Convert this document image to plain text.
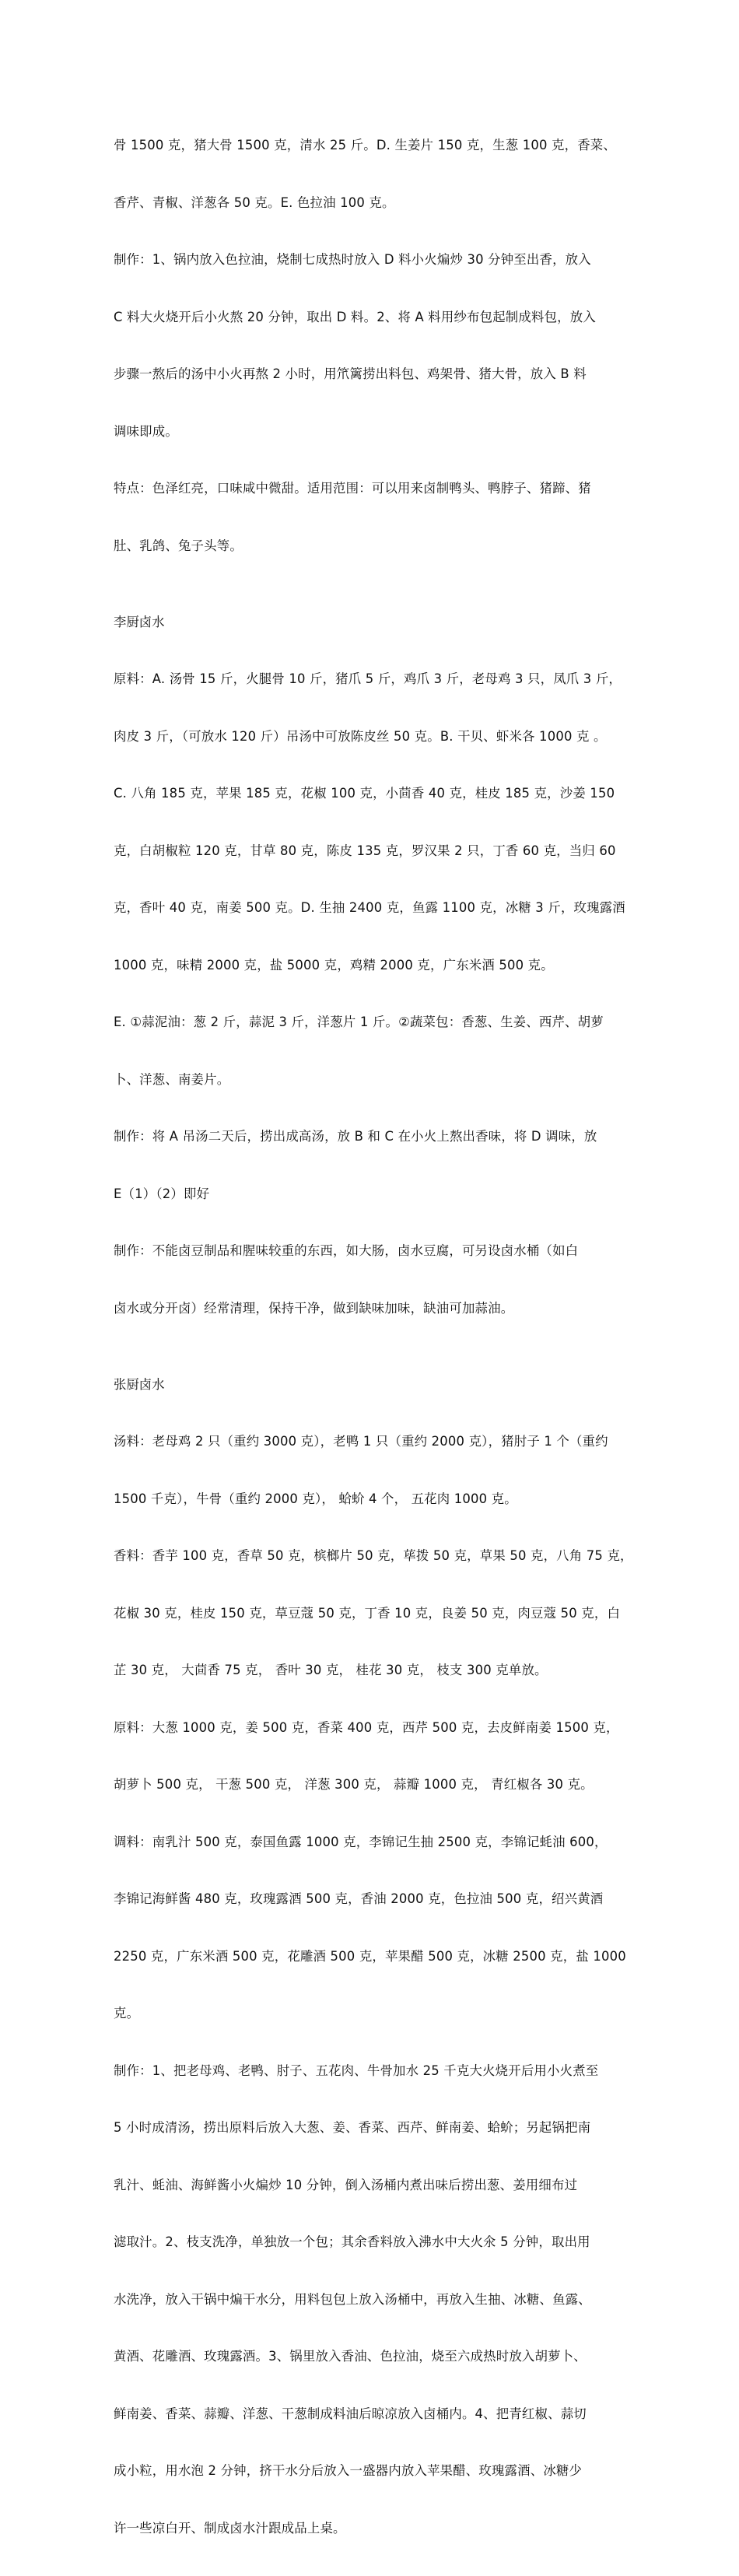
骨 1500 克，猪大骨 1500 克，清水 25 斤。D. 生姜片 150 克，生葱 100 克，香菜、

香芹、青椒、洋葱各 50 克。E. 色拉油 100 克。

制作：1、锅内放入色拉油，烧制七成热时放入 D 料小火煸炒 30 分钟至出香，放入

C 料大火烧开后小火熬 20 分钟，取出 D 料。2、将 A 料用纱布包起制成料包，放入

步骤一熬后的汤中小火再熬 2 小时，用笊篱捞出料包、鸡架骨、猪大骨，放入 B 料

调味即成。

特点：色泽红亮，口味咸中微甜。适用范围：可以用来卤制鸭头、鸭脖子、猪蹄、猪

肚、乳鸽、兔子头等。

李厨卤水

原料：A. 汤骨 15 斤，火腿骨 10 斤，猪爪 5 斤，鸡爪 3 斤，老母鸡 3 只，凤爪 3 斤，

肉皮 3 斤，（可放水 120 斤）吊汤中可放陈皮丝 50 克。B. 干贝、虾米各 1000 克 。

C. 八角 185 克，苹果 185 克，花椒 100 克，小茴香 40 克，桂皮 185 克，沙姜 150

克，白胡椒粒 120 克，甘草 80 克，陈皮 135 克，罗汉果 2 只，丁香 60 克，当归 60

克，香叶 40 克，南姜 500 克。D. 生抽 2400 克，鱼露 1100 克，冰糖 3 斤，玫瑰露酒

1000 克，味精 2000 克，盐 5000 克，鸡精 2000 克，广东米酒 500 克。

E. ①蒜泥油：葱 2 斤，蒜泥 3 斤，洋葱片 1 斤。②蔬菜包：香葱、生姜、西芹、胡萝

卜、洋葱、南姜片。

制作：将 A 吊汤二天后，捞出成高汤，放 B 和 C 在小火上熬出香味，将 D 调味，放

E（1）（2）即好

制作：不能卤豆制品和腥味较重的东西，如大肠，卤水豆腐，可另设卤水桶（如白

卤水或分开卤）经常清理，保持干净，做到缺味加味，缺油可加蒜油。

张厨卤水

汤料：老母鸡 2 只（重约 3000 克），老鸭 1 只（重约 2000 克），猪肘子 1 个（重约

1500 千克），牛骨（重约 2000 克）， 蛤蚧 4 个， 五花肉 1000 克。

香料：香芋 100 克，香草 50 克，槟榔片 50 克，荜拨 50 克，草果 50 克，八角 75 克，

花椒 30 克，桂皮 150 克，草豆蔻 50 克，丁香 10 克，良姜 50 克，肉豆蔻 50 克，白

芷 30 克， 大茴香 75 克， 香叶 30 克， 桂花 30 克， 枝支 300 克单放。

原料：大葱 1000 克，姜 500 克，香菜 400 克，西芹 500 克，去皮鲜南姜 1500 克，

胡萝卜 500 克， 干葱 500 克， 洋葱 300 克， 蒜瓣 1000 克， 青红椒各 30 克。

调料：南乳汁 500 克，泰国鱼露 1000 克，李锦记生抽 2500 克，李锦记蚝油 600，

李锦记海鲜酱 480 克，玫瑰露酒 500 克，香油 2000 克，色拉油 500 克，绍兴黄酒

2250 克，广东米酒 500 克，花雕酒 500 克，苹果醋 500 克，冰糖 2500 克，盐 1000

克。

制作：1、把老母鸡、老鸭、肘子、五花肉、牛骨加水 25 千克大火烧开后用小火煮至

5 小时成清汤，捞出原料后放入大葱、姜、香菜、西芹、鲜南姜、蛤蚧；另起锅把南

乳汁、蚝油、海鲜酱小火煸炒 10 分钟，倒入汤桶内煮出味后捞出葱、姜用细布过

滤取汁。2、枝支洗净，单独放一个包；其余香料放入沸水中大火氽 5 分钟，取出用

水洗净，放入干锅中煸干水分，用料包包上放入汤桶中，再放入生抽、冰糖、鱼露、

黄酒、花雕酒、玫瑰露酒。3、锅里放入香油、色拉油，烧至六成热时放入胡萝卜、

鲜南姜、香菜、蒜瓣、洋葱、干葱制成料油后晾凉放入卤桶内。4、把青红椒、蒜切

成小粒，用水泡 2 分钟，挤干水分后放入一盛器内放入苹果醋、玫瑰露酒、冰糖少

许一些凉白开、制成卤水汁跟成品上桌。
